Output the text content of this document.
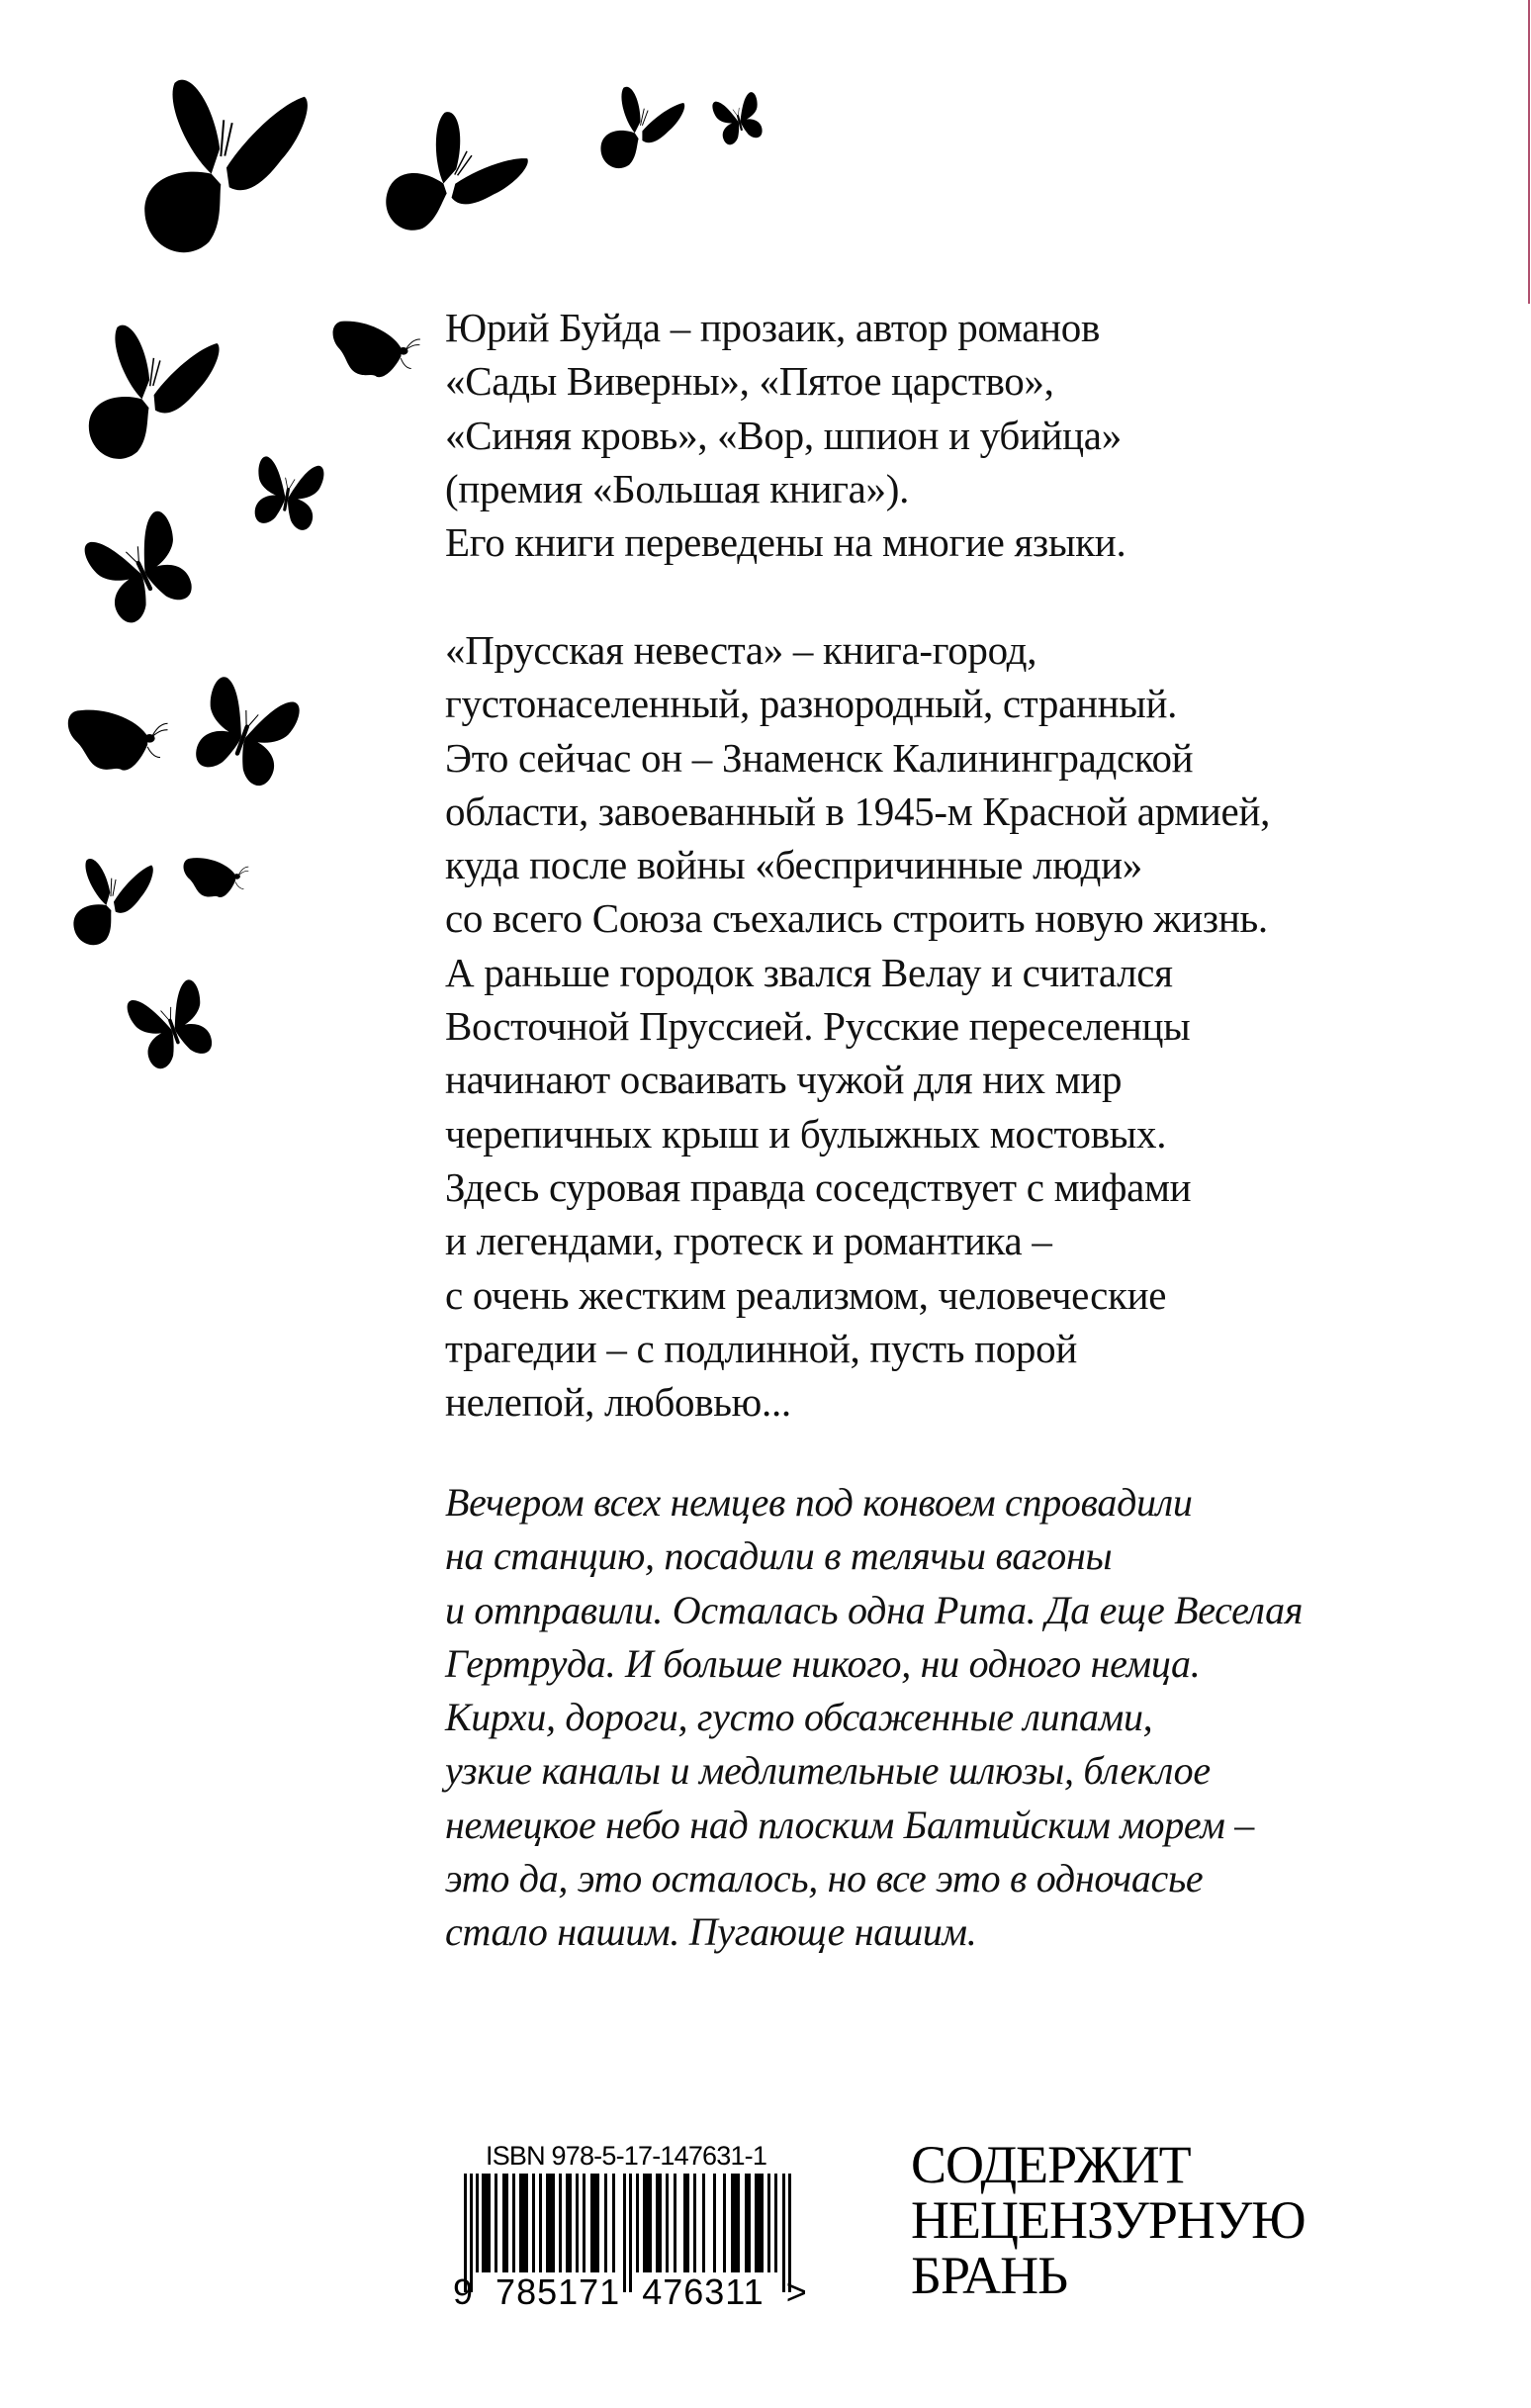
Юрий Буйда – прозаик, автор романов
«Сады Виверны», «Пятое царство»,
«Синяя кровь», «Вор, шпион и убийца»
(премия «Большая книга»).
Его книги переведены на многие языки.
«Прусская невеста» – книга-город,
густонаселенный, разнородный, странный.
Это сейчас он – Знаменск Калининградской
области, завоеванный в 1945-м Красной армией,
куда после войны «беспричинные люди»
со всего Союза съехались строить новую жизнь.
А раньше городок звался Велау и считался
Восточной Пруссией. Русские переселенцы
начинают осваивать чужой для них мир
черепичных крыш и булыжных мостовых.
Здесь суровая правда соседствует с мифами
и легендами, гротеск и романтика –
с очень жестким реализмом, человеческие
трагедии – с подлинной, пусть порой
нелепой, любовью...
Вечером всех немцев под конвоем спровадили
на станцию, посадили в телячьи вагоны
и отправили. Осталась одна Рита. Да еще Веселая
Гертруда. И больше никого, ни одного немца.
Кирхи, дороги, густо обсаженные липами,
узкие каналы и медлительные шлюзы, блеклое
немецкое небо над плоским Балтийским морем –
это да, это осталось, но все это в одночасье
стало нашим. Пугающе нашим.
ISBN 978-5-17-147631-1
9 785171 476311 >
СОДЕРЖИТ
НЕЦЕНЗУРНУЮ
БРАНЬ
